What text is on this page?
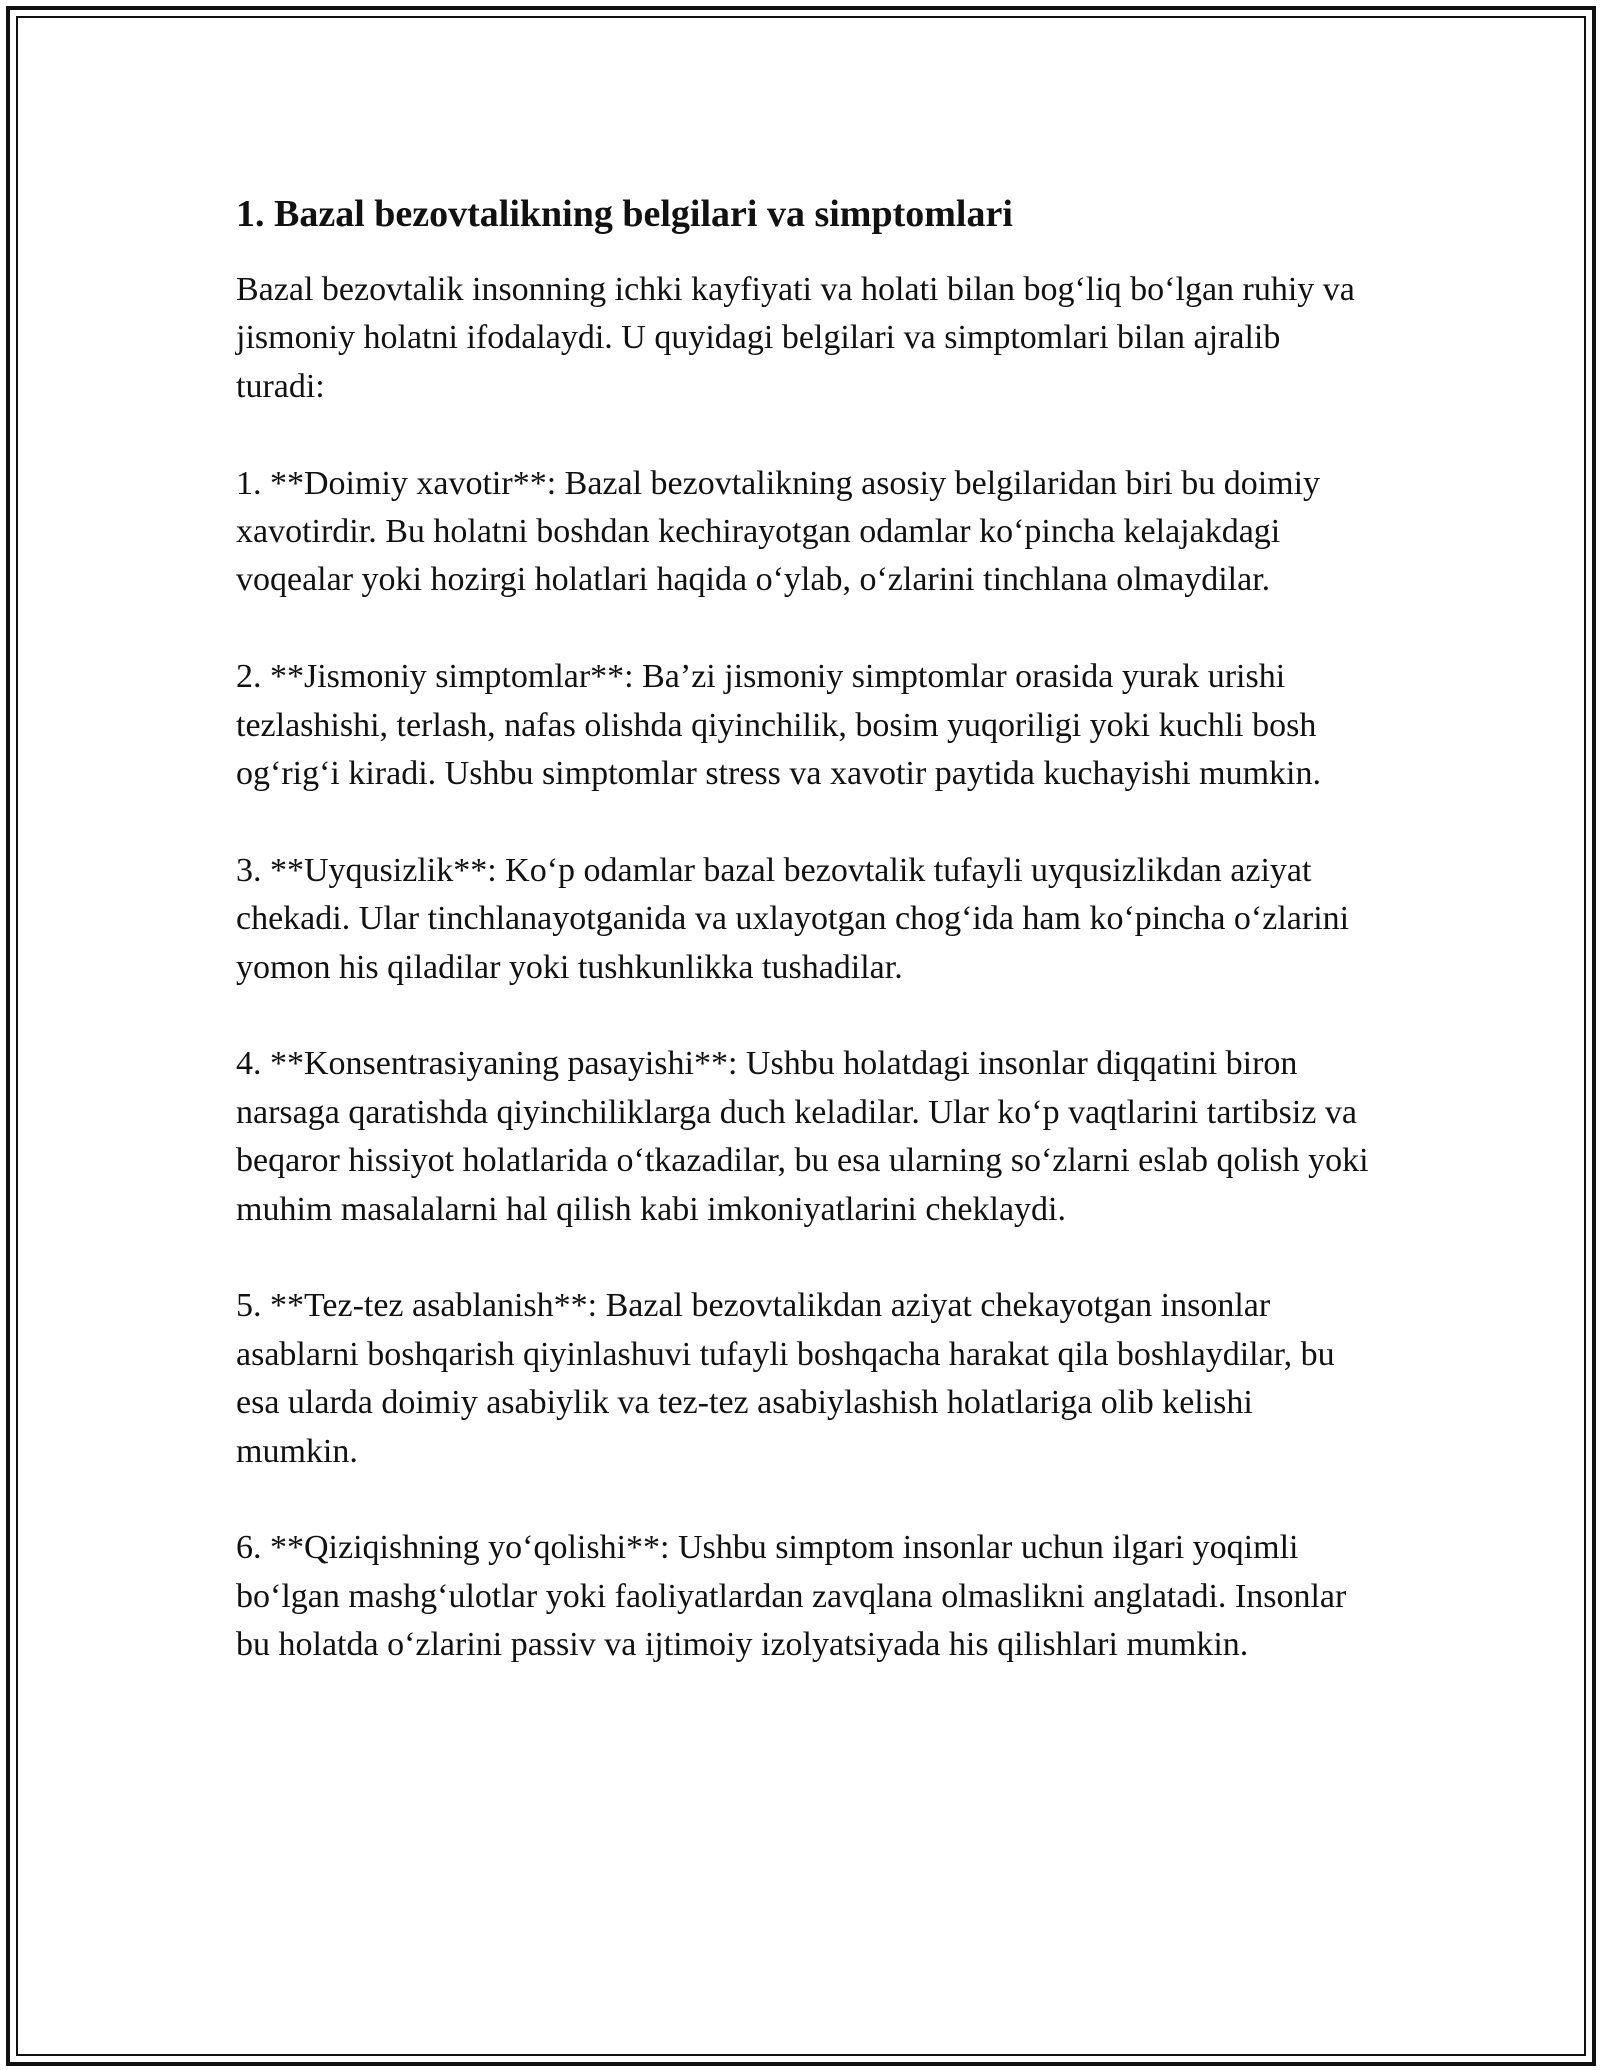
1. Bazal bezovtalikning belgilari va simptomlari

Bazal bezovtalik insonning ichki kayfiyati va holati bilan bog‘liq bo‘lgan ruhiy va jismoniy holatni ifodalaydi. U quyidagi belgilari va simptomlari bilan ajralib turadi:

1. **Doimiy xavotir**: Bazal bezovtalikning asosiy belgilaridan biri bu doimiy xavotirdir. Bu holatni boshdan kechirayotgan odamlar ko‘pincha kelajakdagi voqealar yoki hozirgi holatlari haqida o‘ylab, o‘zlarini tinchlana olmaydilar.

2. **Jismoniy simptomlar**: Ba’zi jismoniy simptomlar orasida yurak urishi tezlashishi, terlash, nafas olishda qiyinchilik, bosim yuqoriligi yoki kuchli bosh og‘rig‘i kiradi. Ushbu simptomlar stress va xavotir paytida kuchayishi mumkin.

3. **Uyqusizlik**: Ko‘p odamlar bazal bezovtalik tufayli uyqusizlikdan aziyat chekadi. Ular tinchlanayotganida va uxlayotgan chog‘ida ham ko‘pincha o‘zlarini yomon his qiladilar yoki tushkunlikka tushadilar.

4. **Konsentrasiyaning pasayishi**: Ushbu holatdagi insonlar diqqatini biron narsaga qaratishda qiyinchiliklarga duch keladilar. Ular ko‘p vaqtlarini tartibsiz va beqaror hissiyot holatlarida o‘tkazadilar, bu esa ularning so‘zlarni eslab qolish yoki muhim masalalarni hal qilish kabi imkoniyatlarini cheklaydi.

5. **Tez-tez asablanish**: Bazal bezovtalikdan aziyat chekayotgan insonlar asablarni boshqarish qiyinlashuvi tufayli boshqacha harakat qila boshlaydilar, bu esa ularda doimiy asabiylik va tez-tez asabiylashish holatlariga olib kelishi mumkin.

6. **Qiziqishning yo‘qolishi**: Ushbu simptom insonlar uchun ilgari yoqimli bo‘lgan mashg‘ulotlar yoki faoliyatlardan zavqlana olmaslikni anglatadi. Insonlar bu holatda o‘zlarini passiv va ijtimoiy izolyatsiyada his qilishlari mumkin.
